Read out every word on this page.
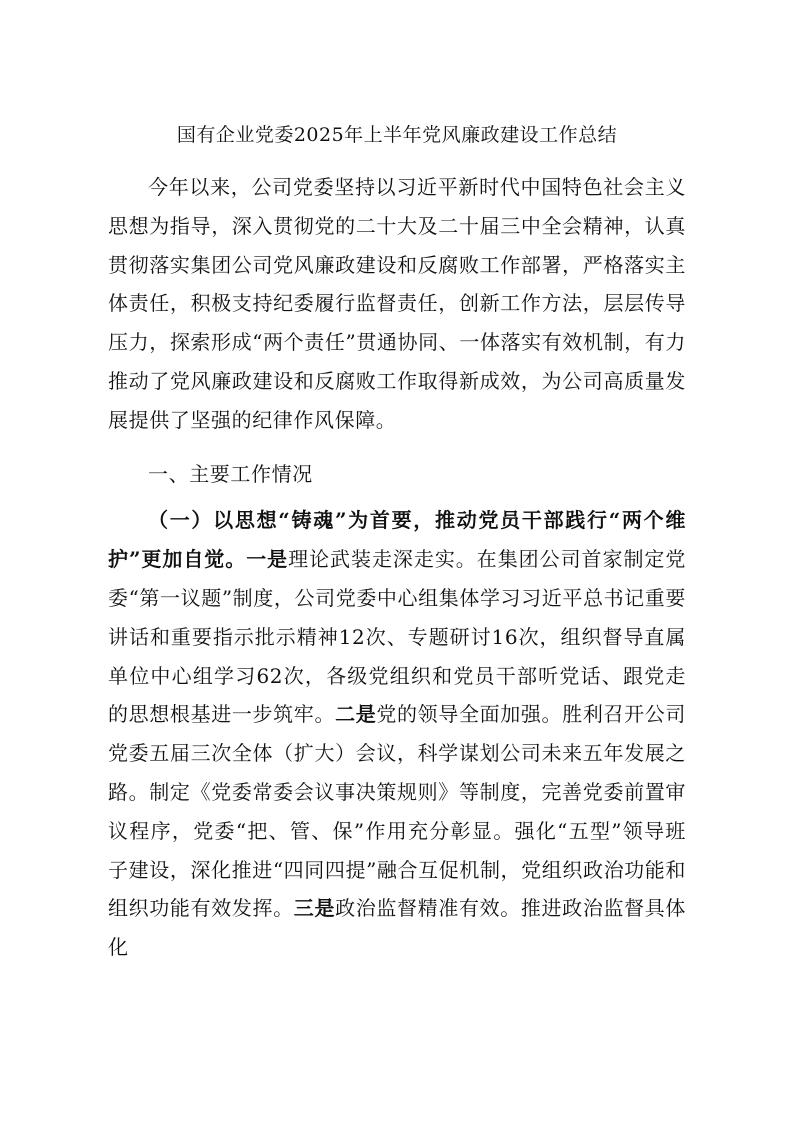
国有企业党委2025年上半年党风廉政建设工作总结

今年以来，公司党委坚持以习近平新时代中国特色社会主义思想为指导，深入贯彻党的二十大及二十届三中全会精神，认真贯彻落实集团公司党风廉政建设和反腐败工作部署，严格落实主体责任，积极支持纪委履行监督责任，创新工作方法，层层传导压力，探索形成“两个责任”贯通协同、一体落实有效机制，有力推动了党风廉政建设和反腐败工作取得新成效，为公司高质量发展提供了坚强的纪律作风保障。

一、主要工作情况

（一）以思想“铸魂”为首要，推动党员干部践行“两个维护”更加自觉。一是理论武装走深走实。在集团公司首家制定党委“第一议题”制度，公司党委中心组集体学习习近平总书记重要讲话和重要指示批示精神12次、专题研讨16次，组织督导直属单位中心组学习62次，各级党组织和党员干部听党话、跟党走的思想根基进一步筑牢。二是党的领导全面加强。胜利召开公司党委五届三次全体（扩大）会议，科学谋划公司未来五年发展之路。制定《党委常委会议事决策规则》等制度，完善党委前置审议程序，党委“把、管、保”作用充分彰显。强化“五型”领导班子建设，深化推进“四同四提”融合互促机制，党组织政治功能和组织功能有效发挥。三是政治监督精准有效。推进政治监督具体化
